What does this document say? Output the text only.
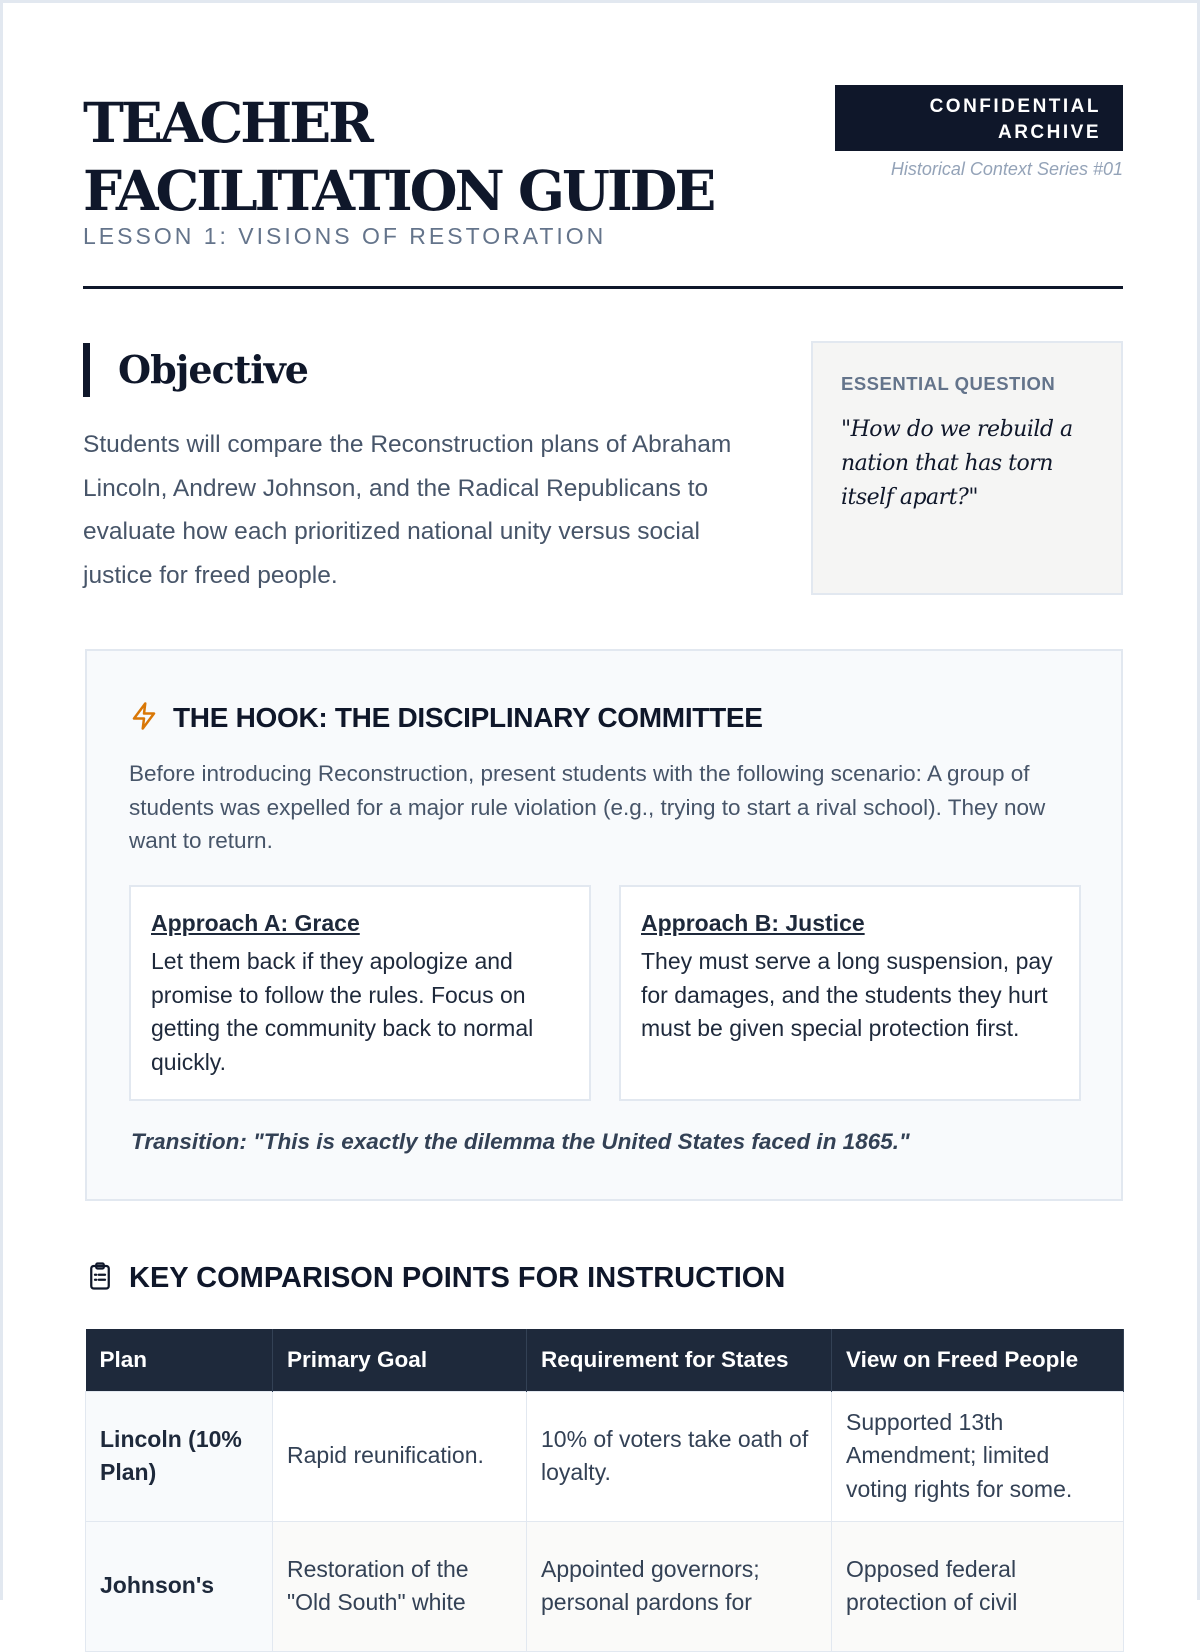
TEACHER FACILITATION GUIDE
LESSON 1: VISIONS OF RESTORATION
CONFIDENTIAL ARCHIVE
Historical Context Series #01
Objective
Students will compare the Reconstruction plans of Abraham Lincoln, Andrew Johnson, and the Radical Republicans to evaluate how each prioritized national unity versus social justice for freed people.
ESSENTIAL QUESTION
"How do we rebuild a nation that has torn itself apart?"
THE HOOK: THE DISCIPLINARY COMMITTEE
Before introducing Reconstruction, present students with the following scenario: A group of students was expelled for a major rule violation (e.g., trying to start a rival school). They now want to return.
Approach A: Grace
Let them back if they apologize and promise to follow the rules. Focus on getting the community back to normal quickly.
Approach B: Justice
They must serve a long suspension, pay for damages, and the students they hurt must be given special protection first.
Transition: "This is exactly the dilemma the United States faced in 1865."
KEY COMPARISON POINTS FOR INSTRUCTION
Plan	Primary Goal	Requirement for States	View on Freed People
Lincoln (10% Plan)	Rapid reunification.	10% of voters take oath of loyalty.	Supported 13th Amendment; limited voting rights for some.
Johnson's	Restoration of the "Old South" white	Appointed governors; personal pardons for	Opposed federal protection of civil
